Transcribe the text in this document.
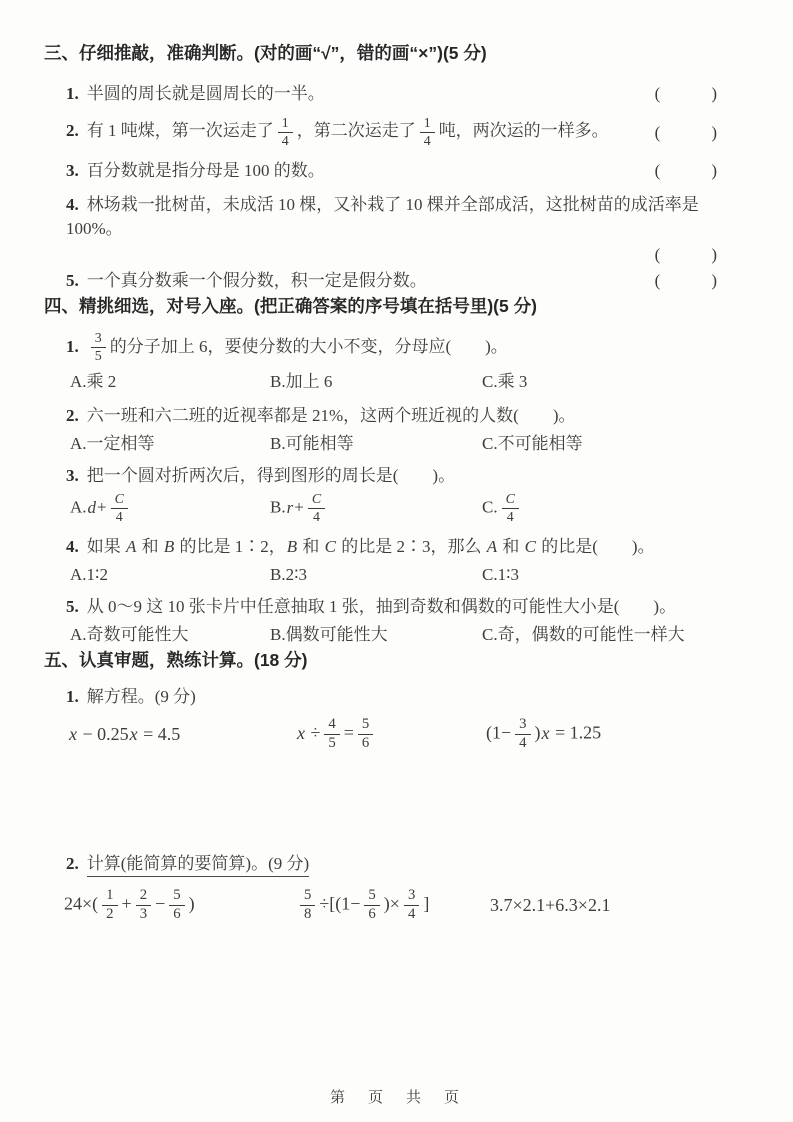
三、仔细推敲，准确判断。(对的画“√”，错的画“×”)(5 分)
1. 半圆的周长就是圆周长的一半。	(　　　)
2. 有 1 吨煤，第一次运走了 $\frac{1}{4}$ ，第二次运走了 $\frac{1}{4}$ 吨，两次运的一样多。	(　　　)
3. 百分数就是指分母是 100 的数。	(　　　)
4. 林场栽一批树苗，未成活 10 棵，又补栽了 10 棵并全部成活，这批树苗的成活率是 100%。
(　　　)
5. 一个真分数乘一个假分数，积一定是假分数。	(　　　)
四、精挑细选，对号入座。(把正确答案的序号填在括号里)(5 分)
1. $\frac{3}{5}$ 的分子加上 6，要使分数的大小不变，分母应(　　)。
A.乘 2	B.加上 6	C.乘 3
2. 六一班和六二班的近视率都是 21%，这两个班近视的人数(　　)。
A.一定相等	B.可能相等	C.不可能相等
3. 把一个圆对折两次后，得到图形的周长是(　　)。
$A.d+ \frac{C}{4}$	$B.r+ \frac{C}{4}$	C. $\frac{C}{4}$
4. 如果 A 和 B 的比是 1∶2，B 和 C 的比是 2∶3，那么 A 和 C 的比是(　　)。
A.1∶2	B.2∶3	C.1∶3
5. 从 0～9 这 10 张卡片中任意抽取 1 张，抽到奇数和偶数的可能性大小是(　　)。
A.奇数可能性大	B.偶数可能性大	C.奇，偶数的可能性一样大
五、认真审题，熟练计算。(18 分)
1. 解方程。(9 分)
x − 0.25x = 4.5	$x \div \frac{4}{5} = \frac{5}{6}$	$(1- \frac{3}{4} )x = 1.25$
2. 计算(能简算的要简算)。(9 分)
$24\times( \frac{1}{2} + \frac{2}{3} - \frac{5}{6}$ )	$\frac{5}{8} \div[(1- \frac{5}{6}$ )× $\frac{3}{4}$ ]	3.7×2.1+6.3×2.1
第　页　共　页
